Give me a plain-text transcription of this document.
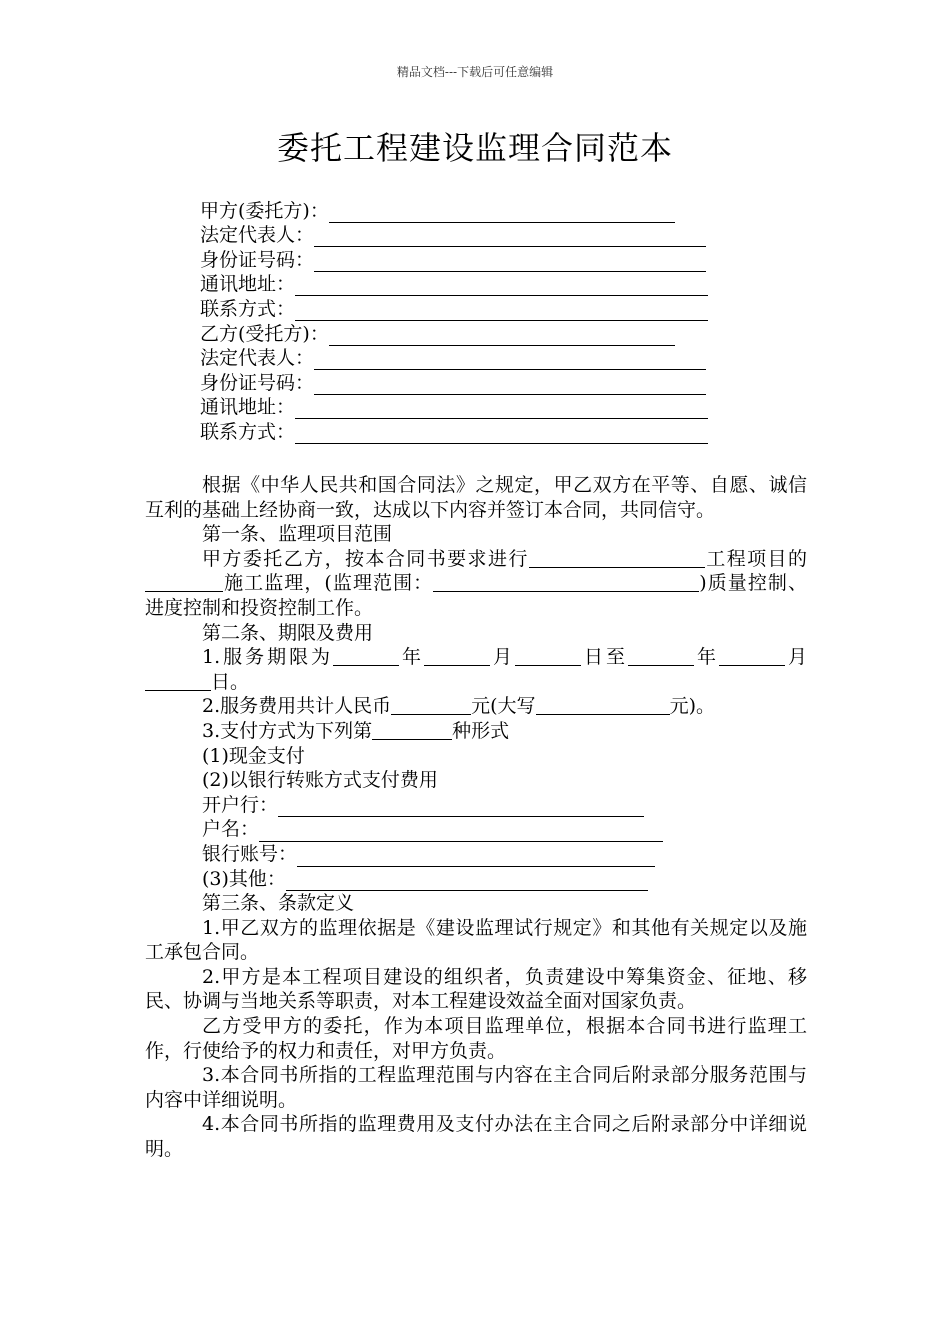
精品文档---下载后可任意编辑
委托工程建设监理合同范本
甲方(委托方)：
法定代表人：
身份证号码：
通讯地址：
联系方式：
乙方(受托方)：
法定代表人：
身份证号码：
通讯地址：
联系方式：

根据《中华人民共和国合同法》之规定，甲乙双方在平等、自愿、诚信互利的基础上经协商一致，达成以下内容并签订本合同，共同信守。

第一条、监理项目范围

甲方委托乙方，按本合同书要求进行	工程项目的施工监理，(监理范围：	)质量控制、进度控制和投资控制工作。

第二条、期限及费用

1.服务期限为	年	月	日至	年	月日。

2.服务费用共计人民币	元(大写	元)。

3.支付方式为下列第	种形式

(1)现金支付

(2)以银行转账方式支付费用

开户行：
户名：
银行账号：
(3)其他：

第三条、条款定义

1.甲乙双方的监理依据是《建设监理试行规定》和其他有关规定以及施工承包合同。

2.甲方是本工程项目建设的组织者，负责建设中筹集资金、征地、移民、协调与当地关系等职责，对本工程建设效益全面对国家负责。

乙方受甲方的委托，作为本项目监理单位，根据本合同书进行监理工作，行使给予的权力和责任，对甲方负责。

3.本合同书所指的工程监理范围与内容在主合同后附录部分服务范围与内容中详细说明。

4.本合同书所指的监理费用及支付办法在主合同之后附录部分中详细说明。
